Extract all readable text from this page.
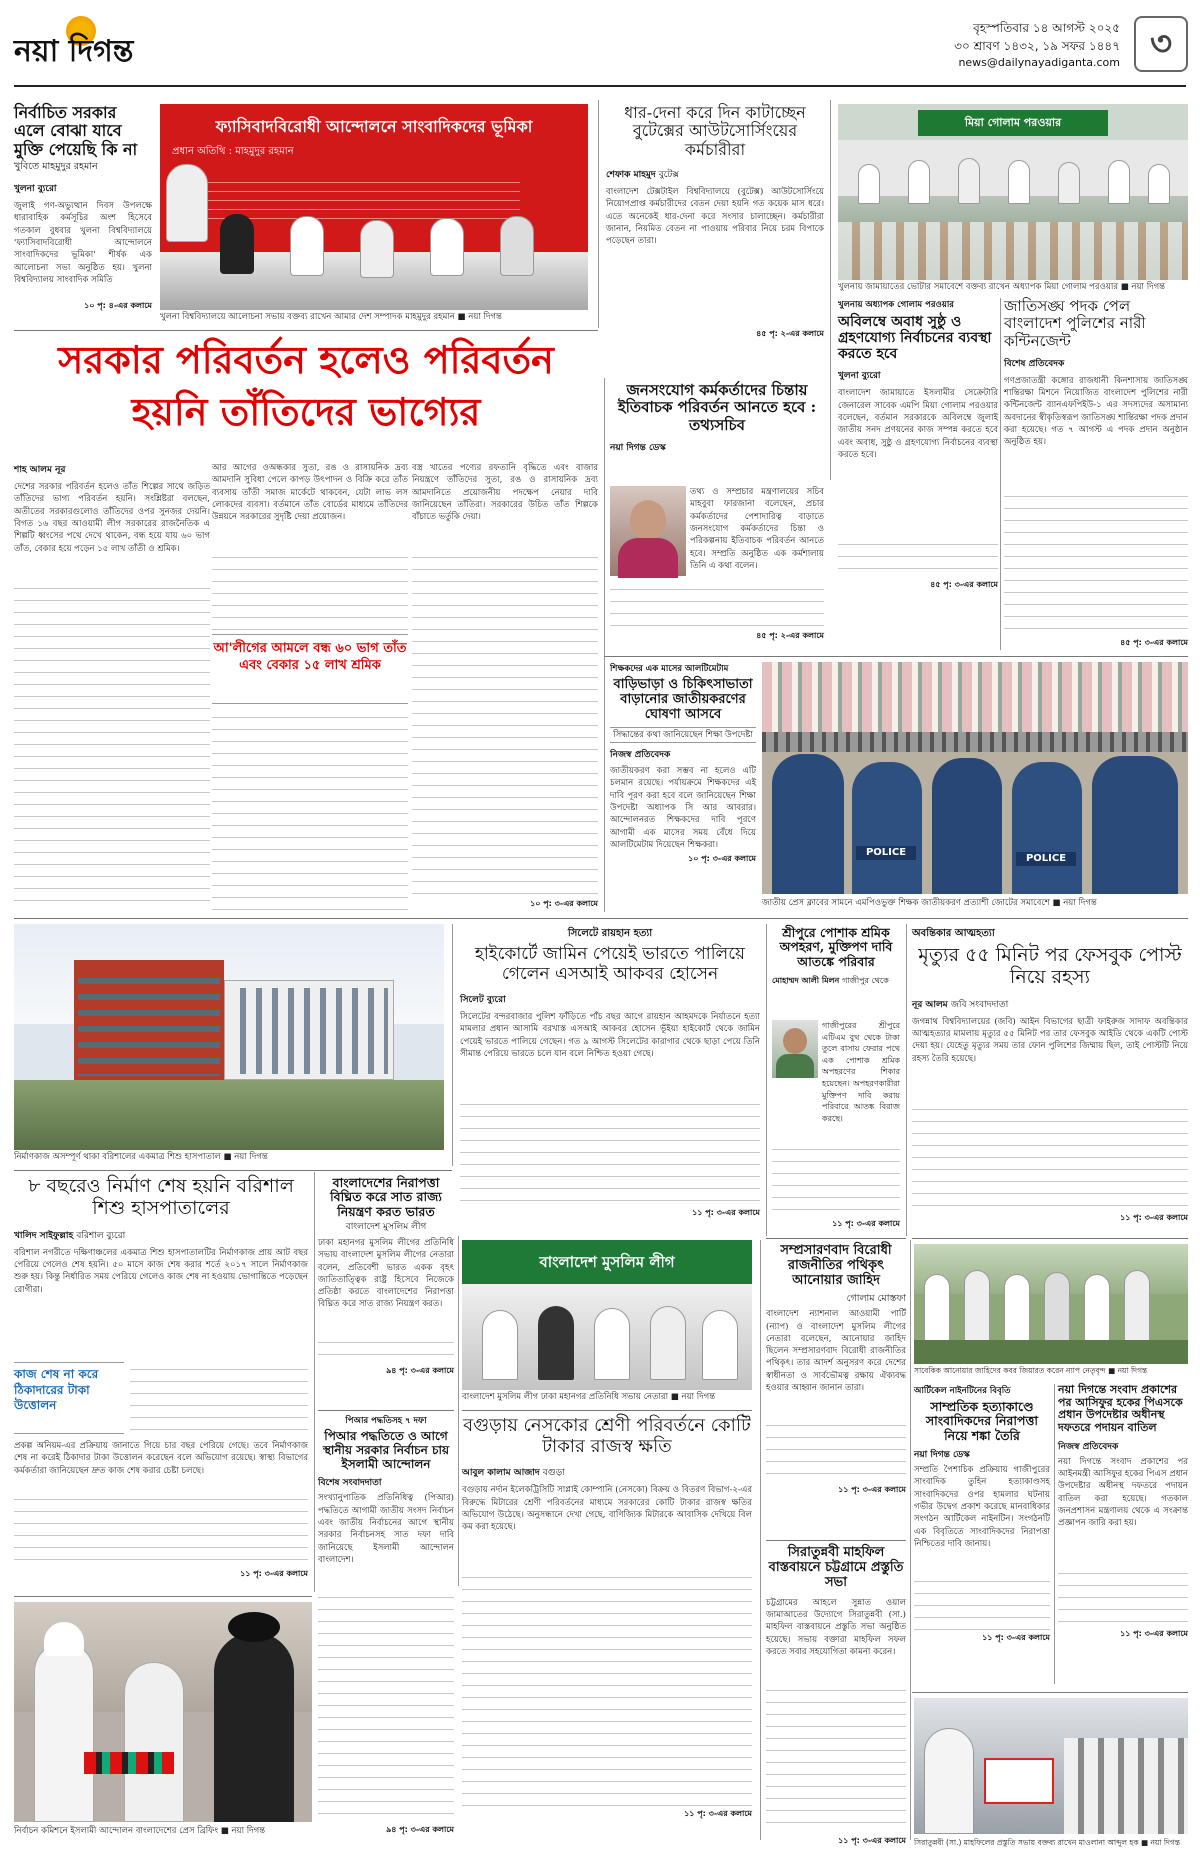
নয়া দিগন্ত
বৃহস্পতিবার ১৪ আগস্ট ২০২৫
৩০ শ্রাবণ ১৪৩২, ১৯ সফর ১৪৪৭
news@dailynayadiganta.com ৩
নির্বাচিত সরকার এলে বোঝা যাবে মুক্তি পেয়েছি কি না
খুবিতে মাহমুদুর রহমান
খুলনা ব্যুরো
জুলাই গণ-অভ্যুত্থান দিবস উপলক্ষে ধারাবাহিক কর্মসূচির অংশ হিসেবে গতকাল বুধবার খুলনা বিশ্ববিদ্যালয়ে 'ফ্যাসিবাদবিরোধী আন্দোলনে সাংবাদিকদের ভূমিকা' শীর্ষক এক আলোচনা সভা অনুষ্ঠিত হয়। খুলনা বিশ্ববিদ্যালয় সাংবাদিক সমিতি
১০ পৃ: ৪-এর কলামে
ফ্যাসিবাদবিরোধী আন্দোলনে সাংবাদিকদের ভূমিকা
প্রধান অতিথি : মাহমুদুর রহমান
খুলনা বিশ্ববিদ্যালয়ে আলোচনা সভায় বক্তব্য রাখেন আমার দেশ সম্পাদক মাহমুদুর রহমান ■ নয়া দিগন্ত
ধার-দেনা করে দিন কাটাচ্ছেন বুটেক্সের আউটসোর্সিংয়ের কর্মচারীরা
শেফাক মাহমুদ বুটেক্স
বাংলাদেশ টেক্সটাইল বিশ্ববিদ্যালয়ে (বুটেক্স) আউটসোর্সিংয়ে নিয়োগপ্রাপ্ত কর্মচারীদের বেতন দেয়া হয়নি গত কয়েক মাস ধরে। এতে অনেকেই ধার-দেনা করে সংসার চালাচ্ছেন। কর্মচারীরা জানান, নিয়মিত বেতন না পাওয়ায় পরিবার নিয়ে চরম বিপাকে পড়েছেন তারা।
৪৫ পৃ: ২-এর কলামে
মিয়া গোলাম পরওয়ার
খুলনায় জামায়াতের ভোটার সমাবেশে বক্তব্য রাখেন অধ্যাপক মিয়া গোলাম পরওয়ার ■ নয়া দিগন্ত
সরকার পরিবর্তন হলেও পরিবর্তন
হয়নি তাঁতিদের ভাগ্যের
শাহ আলম নূর
দেশের সরকার পরিবর্তন হলেও তাঁত শিল্পের সাথে জড়িত তাঁতিদের ভাগ্য পরিবর্তন হয়নি। সংশ্লিষ্টরা বলছেন, অতীতের সরকারগুলোও তাঁতিদের ওপর সুনজর দেয়নি। বিগত ১৬ বছর আওয়ামী লীগ সরকারের রাজনৈতিক এ শিল্পটি ধ্বংসের পথে দেখে থাকেন, বন্ধ হয়ে যায় ৬০ ভাগ তাঁত, বেকার হয়ে পড়েন ১৫ লাখ তাঁতী ও শ্রমিক।
আর আগের ওঅন্ধকার সুতা, রঙ ও রাসায়নিক দ্রব্য আমদানি সুবিধা পেলে কাপড় উৎপাদন ও বিক্রি করে তাঁত ব্যবসায় তাঁতী সমাজ মার্কেটে থাকবেন, যেটা লাভ লস লোকদের ব্যবসা। বর্তমানে তাঁত বোর্ডের মাধ্যমে তাঁতিদের উন্নয়নে সরকারের সুদৃষ্টি দেয়া প্রয়োজন।
আ'লীগের আমলে বন্ধ ৬০ ভাগ তাঁত এবং বেকার ১৫ লাখ শ্রমিক
বস্ত্র খাতের পণ্যের রফতানি বৃদ্ধিতে এবং বাজার নিয়ন্ত্রণে তাঁতিদের সুতা, রঙ ও রাসায়নিক দ্রব্য আমদানিতে প্রয়োজনীয় পদক্ষেপ নেয়ার দাবি জানিয়েছেন তাঁতিরা। সরকারের উচিত তাঁত শিল্পকে বাঁচাতে ভর্তুকি দেয়া।
১০ পৃ: ৩-এর কলামে
জনসংযোগ কর্মকর্তাদের চিন্তায় ইতিবাচক পরিবর্তন আনতে হবে : তথ্যসচিব
নয়া দিগন্ত ডেস্ক
তথ্য ও সম্প্রচার মন্ত্রণালয়ের সচিব মাহবুবা ফারজানা বলেছেন, প্রচার কর্মকর্তাদের পেশাদারিত্ব বাড়াতে জনসংযোগ কর্মকর্তাদের চিন্তা ও পরিকল্পনায় ইতিবাচক পরিবর্তন আনতে হবে। সম্প্রতি অনুষ্ঠিত এক কর্মশালায় তিনি এ কথা বলেন।
৪৫ পৃ: ২-এর কলামে
খুলনায় অধ্যাপক গোলাম পরওয়ার
অবিলম্বে অবাধ সুষ্ঠু ও গ্রহণযোগ্য নির্বাচনের ব্যবস্থা করতে হবে
খুলনা ব্যুরো
বাংলাদেশ জামায়াতে ইসলামীর সেক্রেটারি জেনারেল সাবেক এমপি মিয়া গোলাম পরওয়ার বলেছেন, বর্তমান সরকারকে অবিলম্বে জুলাই জাতীয় সনদ প্রণয়নের কাজ সম্পন্ন করতে হবে এবং অবাধ, সুষ্ঠু ও গ্রহণযোগ্য নির্বাচনের ব্যবস্থা করতে হবে।
৪৫ পৃ: ৩-এর কলামে
জাতিসঙ্ঘ পদক পেল বাংলাদেশ পুলিশের নারী কন্টিনজেন্ট
বিশেষ প্রতিবেদক
গণপ্রজাতন্ত্রী কঙ্গোর রাজধানী কিনশাসায় জাতিসঙ্ঘ শান্তিরক্ষা মিশনে নিয়োজিত বাংলাদেশ পুলিশের নারী কন্টিনজেন্ট ব্যানএফপিইউ-১ এর সদস্যদের অসামান্য অবদানের স্বীকৃতিস্বরূপ জাতিসঙ্ঘ শান্তিরক্ষা পদক প্রদান করা হয়েছে। গত ৭ আগস্ট এ পদক প্রদান অনুষ্ঠান অনুষ্ঠিত হয়।
৪৫ পৃ: ৩-এর কলামে
শিক্ষকদের এক মাসের আলটিমেটাম
বাড়িভাড়া ও চিকিৎসাভাতা বাড়ানোর জাতীয়করণের ঘোষণা আসবে
সিদ্ধান্তের কথা জানিয়েছেন শিক্ষা উপদেষ্টা
নিজস্ব প্রতিবেদক
জাতীয়করণ করা সম্ভব না হলেও এটি চলমান রয়েছে। পর্যায়ক্রমে শিক্ষকদের এই দাবি পূরণ করা হবে বলে জানিয়েছেন শিক্ষা উপদেষ্টা অধ্যাপক সি আর আবরার। আন্দোলনরত শিক্ষকদের দাবি পূরণে আগামী এক মাসের সময় বেঁধে দিয়ে আলটিমেটাম দিয়েছেন শিক্ষকরা।
১০ পৃ: ৩-এর কলামে
POLICE
POLICE
জাতীয় প্রেস ক্লাবের সামনে এমপিওভুক্ত শিক্ষক জাতীয়করণ প্রত্যাশী জোটের সমাবেশে ■ নয়া দিগন্ত
নির্মাণকাজ অসম্পূর্ণ থাকা বরিশালের একমাত্র শিশু হাসপাতাল ■ নয়া দিগন্ত
সিলেটে রায়হান হত্যা
হাইকোর্টে জামিন পেয়েই ভারতে পালিয়ে গেলেন এসআই আকবর হোসেন
সিলেট ব্যুরো
সিলেটের বন্দরবাজার পুলিশ ফাঁড়িতে পাঁচ বছর আগে রায়হান আহমদকে নির্যাতনে হত্যা মামলার প্রধান আসামি বরখাস্ত এসআই আকবর হোসেন ভূঁইয়া হাইকোর্ট থেকে জামিন পেয়েই ভারতে পালিয়ে গেছেন। গত ৯ আগস্ট সিলেটের কারাগার থেকে ছাড়া পেয়ে তিনি সীমান্ত পেরিয়ে ভারতে চলে যান বলে নিশ্চিত হওয়া গেছে।
১১ পৃ: ৩-এর কলামে
শ্রীপুরে পোশাক শ্রমিক অপহরণ, মুক্তিপণ দাবি আতঙ্কে পরিবার
মোহাম্মদ আলী মিলন গাজীপুর থেকে
গাজীপুরের শ্রীপুরে এটিএম বুথ থেকে টাকা তুলে বাসায় ফেরার পথে এক পোশাক শ্রমিক অপহরণের শিকার হয়েছেন। অপহরণকারীরা মুক্তিপণ দাবি করায় পরিবারে আতঙ্ক বিরাজ করছে।
১১ পৃ: ৩-এর কলামে
অবন্তিকার আত্মহত্যা
মৃত্যুর ৫৫ মিনিট পর ফেসবুক পোস্ট নিয়ে রহস্য
নূর আলম জবি সংবাদদাতা
জগন্নাথ বিশ্ববিদ্যালয়ের (জবি) আইন বিভাগের ছাত্রী ফাইরুজ সাদাফ অবন্তিকার আত্মহত্যার মামলায় মৃত্যুর ৫৫ মিনিট পর তার ফেসবুক আইডি থেকে একটি পোস্ট দেয়া হয়। যেহেতু মৃত্যুর সময় তার ফোন পুলিশের জিম্মায় ছিল, তাই পোস্টটি নিয়ে রহস্য তৈরি হয়েছে।
১১ পৃ: ৩-এর কলামে
৮ বছরেও নির্মাণ শেষ হয়নি বরিশাল শিশু হাসপাতালের
খালিদ সাইফুল্লাহ বরিশাল ব্যুরো
বরিশাল নগরীতে দক্ষিণাঞ্চলের একমাত্র শিশু হাসপাতালটির নির্মাণকাজ প্রায় আট বছর পেরিয়ে গেলেও শেষ হয়নি। ৫০ মাসে কাজ শেষ করার শর্তে ২০১৭ সালে নির্মাণকাজ শুরু হয়। কিন্তু নির্ধারিত সময় পেরিয়ে গেলেও কাজ শেষ না হওয়ায় ভোগান্তিতে পড়েছেন রোগীরা।
কাজ শেষ না করে ঠিকাদারের টাকা উত্তোলন
প্রকল্প অনিয়ম-এর প্রক্রিয়ায় জানাতে গিয়ে চার বছর পেরিয়ে গেছে। তবে নির্মাণকাজ শেষ না করেই ঠিকাদার টাকা উত্তোলন করেছেন বলে অভিযোগ রয়েছে। স্বাস্থ্য বিভাগের কর্মকর্তারা জানিয়েছেন দ্রুত কাজ শেষ করার চেষ্টা চলছে।
১১ পৃ: ৩-এর কলামে
বাংলাদেশের নিরাপত্তা বিঘ্নিত করে সাত রাজ্য নিয়ন্ত্রণ করত ভারত
বাংলাদেশ মুসলিম লীগ
ঢাকা মহানগর মুসলিম লীগের প্রতিনিধি সভায় বাংলাদেশ মুসলিম লীগের নেতারা বলেন, প্রতিবেশী ভারত একক বৃহৎ জাতিতাত্ত্বিক রাষ্ট্র হিসেবে নিজেকে প্রতিষ্ঠা করতে বাংলাদেশের নিরাপত্তা বিঘ্নিত করে সাত রাজ্য নিয়ন্ত্রণ করত।
৯৪ পৃ: ৩-এর কলামে
বাংলাদেশ মুসলিম লীগ
বাংলাদেশ মুসলিম লীগ ঢাকা মহানগর প্রতিনিধি সভায় নেতারা ■ নয়া দিগন্ত
পিআর পদ্ধতিসহ ৭ দফা
পিআর পদ্ধতিতে ও আগে স্থানীয় সরকার নির্বাচন চায় ইসলামী আন্দোলন
বিশেষ সংবাদদাতা
সংখ্যানুপাতিক প্রতিনিধিত্ব (পিআর) পদ্ধতিতে আগামী জাতীয় সংসদ নির্বাচন এবং জাতীয় নির্বাচনের আগে স্থানীয় সরকার নির্বাচনসহ সাত দফা দাবি জানিয়েছে ইসলামী আন্দোলন বাংলাদেশ।
৯৪ পৃ: ৩-এর কলামে
নির্বাচন কমিশনে ইসলামী আন্দোলন বাংলাদেশের প্রেস ব্রিফিং ■ নয়া দিগন্ত
বগুড়ায় নেসকোর শ্রেণী পরিবর্তনে কোটি টাকার রাজস্ব ক্ষতি
আবুল কালাম আজাদ বগুড়া
বগুড়ায় নর্দান ইলেকট্রিসিটি সাপ্লাই কোম্পানি (নেসকো) বিক্রয় ও বিতরণ বিভাগ-২-এর বিরুদ্ধে মিটারের শ্রেণী পরিবর্তনের মাধ্যমে সরকারের কোটি টাকার রাজস্ব ক্ষতির অভিযোগ উঠেছে। অনুসন্ধানে দেখা গেছে, বাণিজ্যিক মিটারকে আবাসিক দেখিয়ে বিল কম করা হয়েছে।
১১ পৃ: ৩-এর কলামে
সম্প্রসারণবাদ বিরোধী রাজনীতির পথিকৃৎ আনোয়ার জাহিদ
গোলাম মোস্তফা
বাংলাদেশ ন্যাশনাল আওয়ামী পার্টি (ন্যাপ) ও বাংলাদেশ মুসলিম লীগের নেতারা বলেছেন, আনোয়ার জাহিদ ছিলেন সম্প্রসারণবাদ বিরোধী রাজনীতির পথিকৃৎ। তার আদর্শ অনুসরণ করে দেশের স্বাধীনতা ও সার্বভৌমত্ব রক্ষায় ঐক্যবদ্ধ হওয়ার আহ্বান জানান তারা।
১১ পৃ: ৩-এর কলামে
সিরাতুন্নবী মাহফিল বাস্তবায়নে চট্টগ্রামে প্রস্তুতি সভা
চট্টগ্রামের আহলে সুন্নাত ওয়াল জামাআতের উদ্যোগে সিরাতুন্নবী (সা.) মাহফিল বাস্তবায়নে প্রস্তুতি সভা অনুষ্ঠিত হয়েছে। সভায় বক্তারা মাহফিল সফল করতে সবার সহযোগিতা কামনা করেন।
১১ পৃ: ৩-এর কলামে
সাবেকিক আনোয়ার জাহিদের কবর জিয়ারত করেন ন্যাপ নেতৃবৃন্দ ■ নয়া দিগন্ত
আর্টিকেল নাইনটিনের বিবৃতি
সাম্প্রতিক হত্যাকাণ্ডে সাংবাদিকদের নিরাপত্তা নিয়ে শঙ্কা তৈরি
নয়া দিগন্ত ডেস্ক
সম্প্রতি পৈশাচিক প্রক্রিয়ায় গাজীপুরের সাংবাদিক তুহিন হত্যাকাণ্ডসহ সাংবাদিকদের ওপর হামলার ঘটনায় গভীর উদ্বেগ প্রকাশ করেছে মানবাধিকার সংগঠন আর্টিকেল নাইনটিন। সংগঠনটি এক বিবৃতিতে সাংবাদিকদের নিরাপত্তা নিশ্চিতের দাবি জানায়।
১১ পৃ: ৩-এর কলামে
নয়া দিগন্তে সংবাদ প্রকাশের পর আসিফুর হকের পিএসকে প্রধান উপদেষ্টার অধীনস্থ দফতরে পদায়ন বাতিল
নিজস্ব প্রতিবেদক
নয়া দিগন্তে সংবাদ প্রকাশের পর আইনমন্ত্রী আসিফুর হকের পিএস প্রধান উপদেষ্টার অধীনস্থ দফতরে পদায়ন বাতিল করা হয়েছে। গতকাল জনপ্রশাসন মন্ত্রণালয় থেকে এ সংক্রান্ত প্রজ্ঞাপন জারি করা হয়।
১১ পৃ: ৩-এর কলামে
সিরাতুন্নবী (সা.) মাহফিলের প্রস্তুতি সভায় বক্তব্য রাখেন মাওলানা আব্দুল হক ■ নয়া দিগন্ত
